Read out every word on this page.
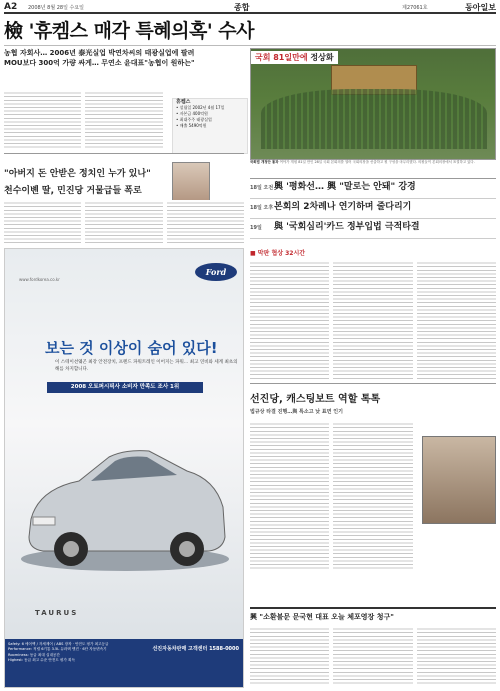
A2 2008년 8월 28일 수요일	종합	제27061호	동아일보
檢 '휴켐스 매각 특혜의혹' 수사
농협 자회사… 2006년 泰光실업 박연차씨의 태광실업에 팔려
MOU보다 300억 가량 싸게… 무연소 윤대표"농협이 원하는"
휴켐스
• 설립일 2002년 4월 17일
• 자본금 400억원
• 최대주주 태광실업
• 매출 5490억원
"아버지 돈 안받은 정치인 누가 있나"
천수이볜 딸, 민진당 거물급들 폭로
www.fordkorea.co.kr
Ford
보는 것 이상이 숨어 있다!
이 스테이션웨곤 최강 안전장치, 프렌드 파워트레인 이어지는 파워… 최고 연비와 세계 최초의 해를 차지합니다.
2008 오토퍼시픽사 소비자 만족도 조사 1위
TAURUS
Safety: 6 에어백 / 자세제어 / ABS 장착 · 안전도 평가 최고등급
Performance: 직렬 6기통 3.5L 듀라텍 엔진 · 6단 자동변속기
Roominess: 동급 최대 실내공간
Highest: 동급 최고 수준 안전도 평가 획득
선진자동차판매 고객센터 1588-0000
국회 81일만에 정상화
국회법 개정안 통과 여야가 개원 81일 만인 28일 국회 본회의를 열어 국회의장을 선출하고 원 구성을 마무리했다. 의원들이 본회의장에서 표결하고 있다.
18일 오전 興 '평화선… 興 "말로는 안돼" 강경
18일 오후 본회의 2차례나 연기하며 줄다리기
19일	與 '국회심리'카드 정부입법 극적타결
■ 막판 협상 32시간
선진당, 캐스팅보트 역할 톡톡
법규상 타결 진행…與 특소고 낮 표면 인기
興 "소환불문 문국현 대표 오늘 체포영장 청구"
